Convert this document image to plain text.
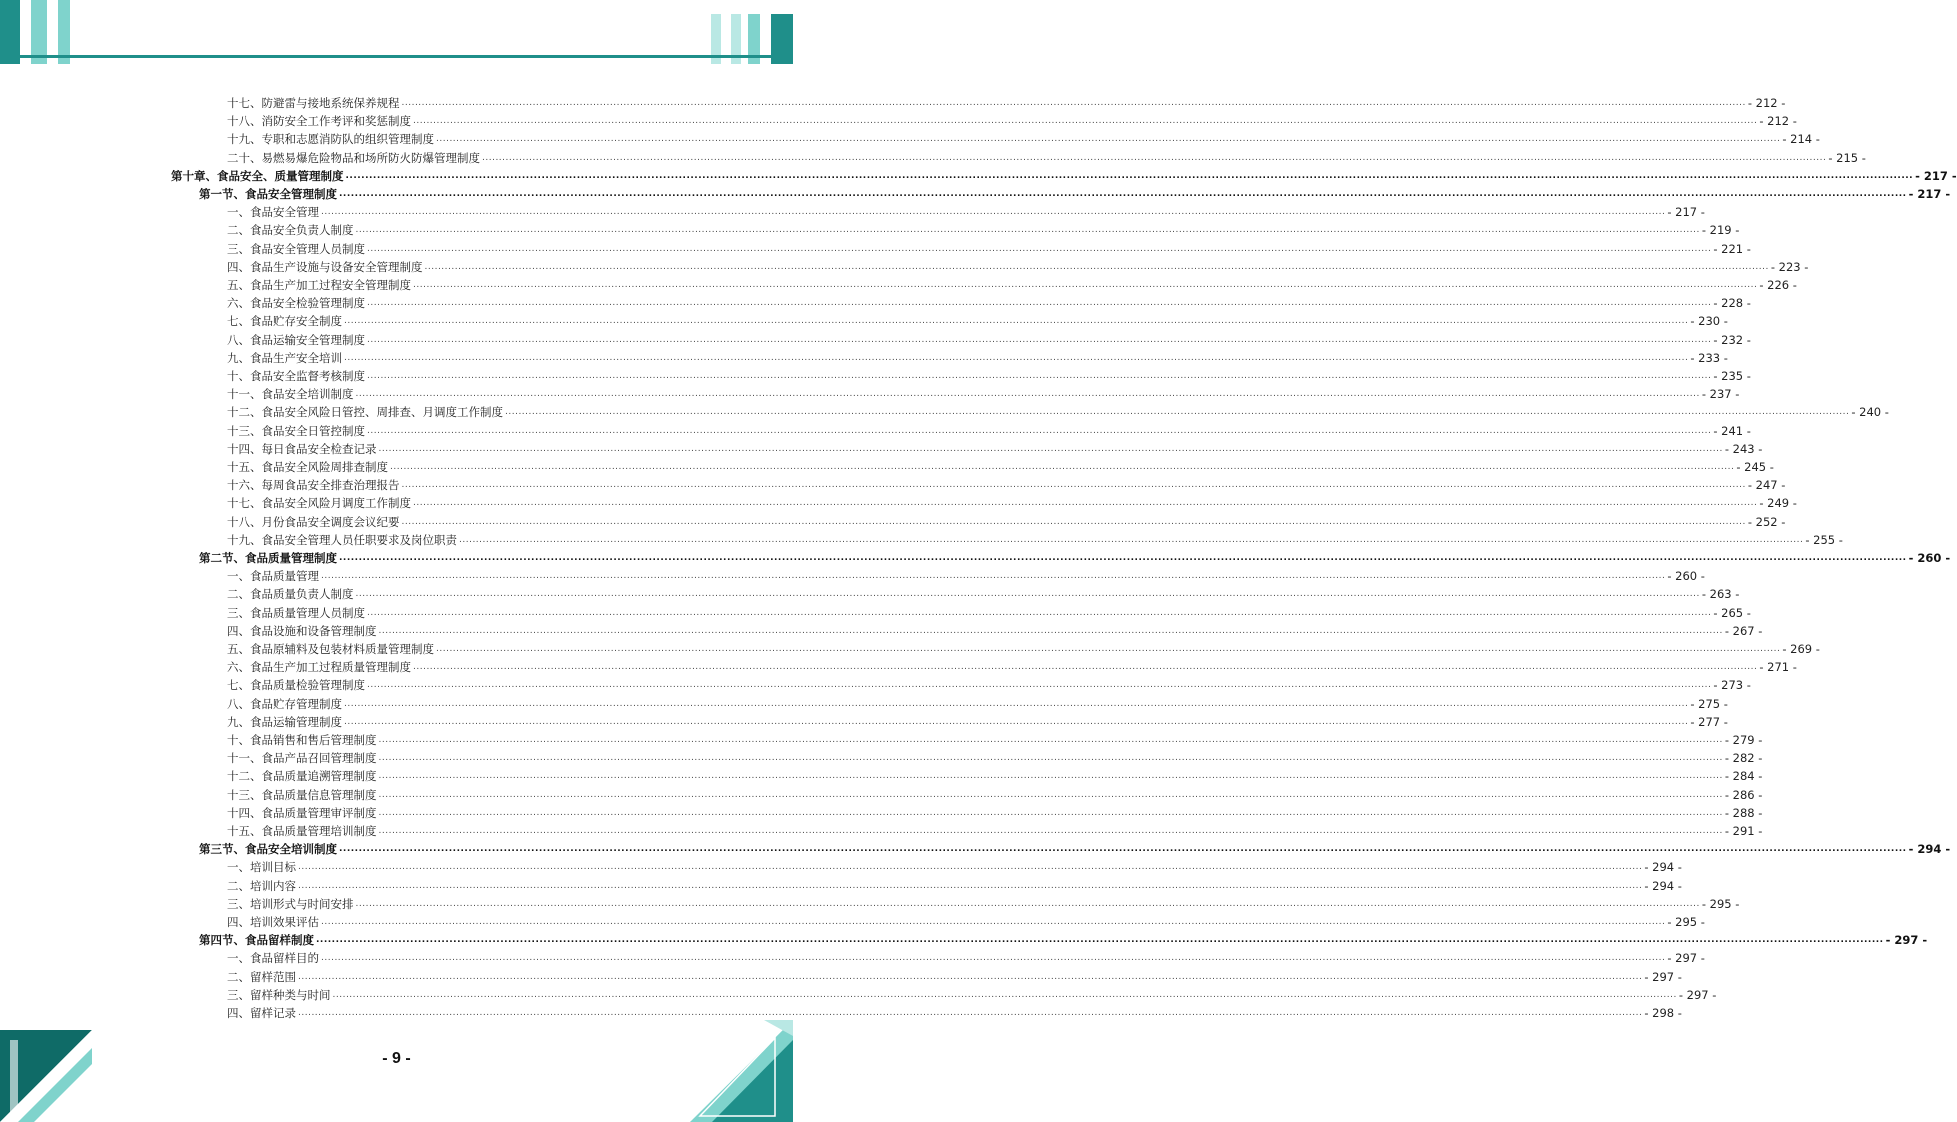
十七、防避雷与接地系统保养规程 ................................................................................................................................................................................................................................................................................................................................................................................................................ - 212 -
十八、消防安全工作考评和奖惩制度 ................................................................................................................................................................................................................................................................................................................................................................................................................ - 212 -
十九、专职和志愿消防队的组织管理制度 ................................................................................................................................................................................................................................................................................................................................................................................................................ - 214 -
二十、易燃易爆危险物品和场所防火防爆管理制度 ................................................................................................................................................................................................................................................................................................................................................................................................................ - 215 -
第十章、食品安全、质量管理制度 ................................................................................................................................................................................................................................................................................................................................................................................................................ - 217 -
第一节、食品安全管理制度 ................................................................................................................................................................................................................................................................................................................................................................................................................ - 217 -
一、食品安全管理 ................................................................................................................................................................................................................................................................................................................................................................................................................ - 217 -
二、食品安全负责人制度 ................................................................................................................................................................................................................................................................................................................................................................................................................ - 219 -
三、食品安全管理人员制度 ................................................................................................................................................................................................................................................................................................................................................................................................................ - 221 -
四、食品生产设施与设备安全管理制度 ................................................................................................................................................................................................................................................................................................................................................................................................................ - 223 -
五、食品生产加工过程安全管理制度 ................................................................................................................................................................................................................................................................................................................................................................................................................ - 226 -
六、食品安全检验管理制度 ................................................................................................................................................................................................................................................................................................................................................................................................................ - 228 -
七、食品贮存安全制度 ................................................................................................................................................................................................................................................................................................................................................................................................................ - 230 -
八、食品运输安全管理制度 ................................................................................................................................................................................................................................................................................................................................................................................................................ - 232 -
九、食品生产安全培训 ................................................................................................................................................................................................................................................................................................................................................................................................................ - 233 -
十、食品安全监督考核制度 ................................................................................................................................................................................................................................................................................................................................................................................................................ - 235 -
十一、食品安全培训制度 ................................................................................................................................................................................................................................................................................................................................................................................................................ - 237 -
十二、食品安全风险日管控、周排查、月调度工作制度 ................................................................................................................................................................................................................................................................................................................................................................................................................ - 240 -
十三、食品安全日管控制度 ................................................................................................................................................................................................................................................................................................................................................................................................................ - 241 -
十四、每日食品安全检查记录 ................................................................................................................................................................................................................................................................................................................................................................................................................ - 243 -
十五、食品安全风险周排查制度 ................................................................................................................................................................................................................................................................................................................................................................................................................ - 245 -
十六、每周食品安全排查治理报告 ................................................................................................................................................................................................................................................................................................................................................................................................................ - 247 -
十七、食品安全风险月调度工作制度 ................................................................................................................................................................................................................................................................................................................................................................................................................ - 249 -
十八、月份食品安全调度会议纪要 ................................................................................................................................................................................................................................................................................................................................................................................................................ - 252 -
十九、食品安全管理人员任职要求及岗位职责 ................................................................................................................................................................................................................................................................................................................................................................................................................ - 255 -
第二节、食品质量管理制度 ................................................................................................................................................................................................................................................................................................................................................................................................................ - 260 -
一、食品质量管理 ................................................................................................................................................................................................................................................................................................................................................................................................................ - 260 -
二、食品质量负责人制度 ................................................................................................................................................................................................................................................................................................................................................................................................................ - 263 -
三、食品质量管理人员制度 ................................................................................................................................................................................................................................................................................................................................................................................................................ - 265 -
四、食品设施和设备管理制度 ................................................................................................................................................................................................................................................................................................................................................................................................................ - 267 -
五、食品原辅料及包装材料质量管理制度 ................................................................................................................................................................................................................................................................................................................................................................................................................ - 269 -
六、食品生产加工过程质量管理制度 ................................................................................................................................................................................................................................................................................................................................................................................................................ - 271 -
七、食品质量检验管理制度 ................................................................................................................................................................................................................................................................................................................................................................................................................ - 273 -
八、食品贮存管理制度 ................................................................................................................................................................................................................................................................................................................................................................................................................ - 275 -
九、食品运输管理制度 ................................................................................................................................................................................................................................................................................................................................................................................................................ - 277 -
十、食品销售和售后管理制度 ................................................................................................................................................................................................................................................................................................................................................................................................................ - 279 -
十一、食品产品召回管理制度 ................................................................................................................................................................................................................................................................................................................................................................................................................ - 282 -
十二、食品质量追溯管理制度 ................................................................................................................................................................................................................................................................................................................................................................................................................ - 284 -
十三、食品质量信息管理制度 ................................................................................................................................................................................................................................................................................................................................................................................................................ - 286 -
十四、食品质量管理审评制度 ................................................................................................................................................................................................................................................................................................................................................................................................................ - 288 -
十五、食品质量管理培训制度 ................................................................................................................................................................................................................................................................................................................................................................................................................ - 291 -
第三节、食品安全培训制度 ................................................................................................................................................................................................................................................................................................................................................................................................................ - 294 -
一、培训目标 ................................................................................................................................................................................................................................................................................................................................................................................................................ - 294 -
二、培训内容 ................................................................................................................................................................................................................................................................................................................................................................................................................ - 294 -
三、培训形式与时间安排 ................................................................................................................................................................................................................................................................................................................................................................................................................ - 295 -
四、培训效果评估 ................................................................................................................................................................................................................................................................................................................................................................................................................ - 295 -
第四节、食品留样制度 ................................................................................................................................................................................................................................................................................................................................................................................................................ - 297 -
一、食品留样目的 ................................................................................................................................................................................................................................................................................................................................................................................................................ - 297 -
二、留样范围 ................................................................................................................................................................................................................................................................................................................................................................................................................ - 297 -
三、留样种类与时间 ................................................................................................................................................................................................................................................................................................................................................................................................................ - 297 -
四、留样记录 ................................................................................................................................................................................................................................................................................................................................................................................................................ - 298 -
- 9 -
